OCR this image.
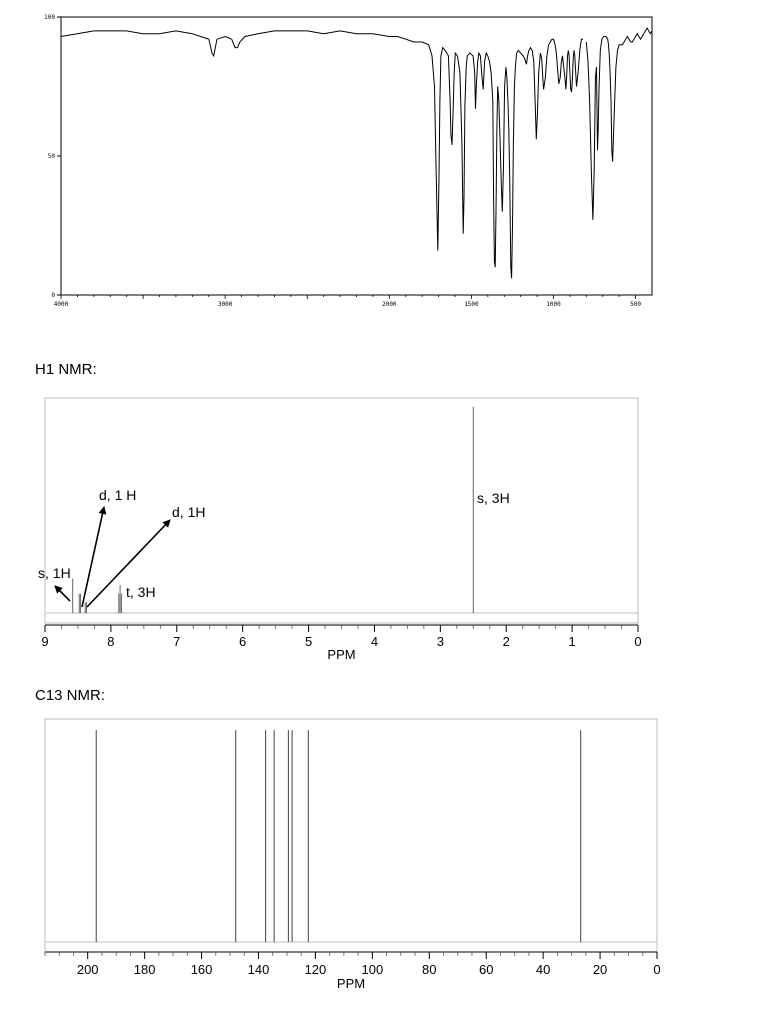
0
50
100
4000	3000	2000	1500	1000	500
H1 NMR:
9	8	7	6	5	4	3	2	1	0
PPM
s, 1H
d, 1 H
d, 1H
t, 3H
s, 3H
C13 NMR:
200	180	160	140	120	100	80	60	40	20	0
PPM
